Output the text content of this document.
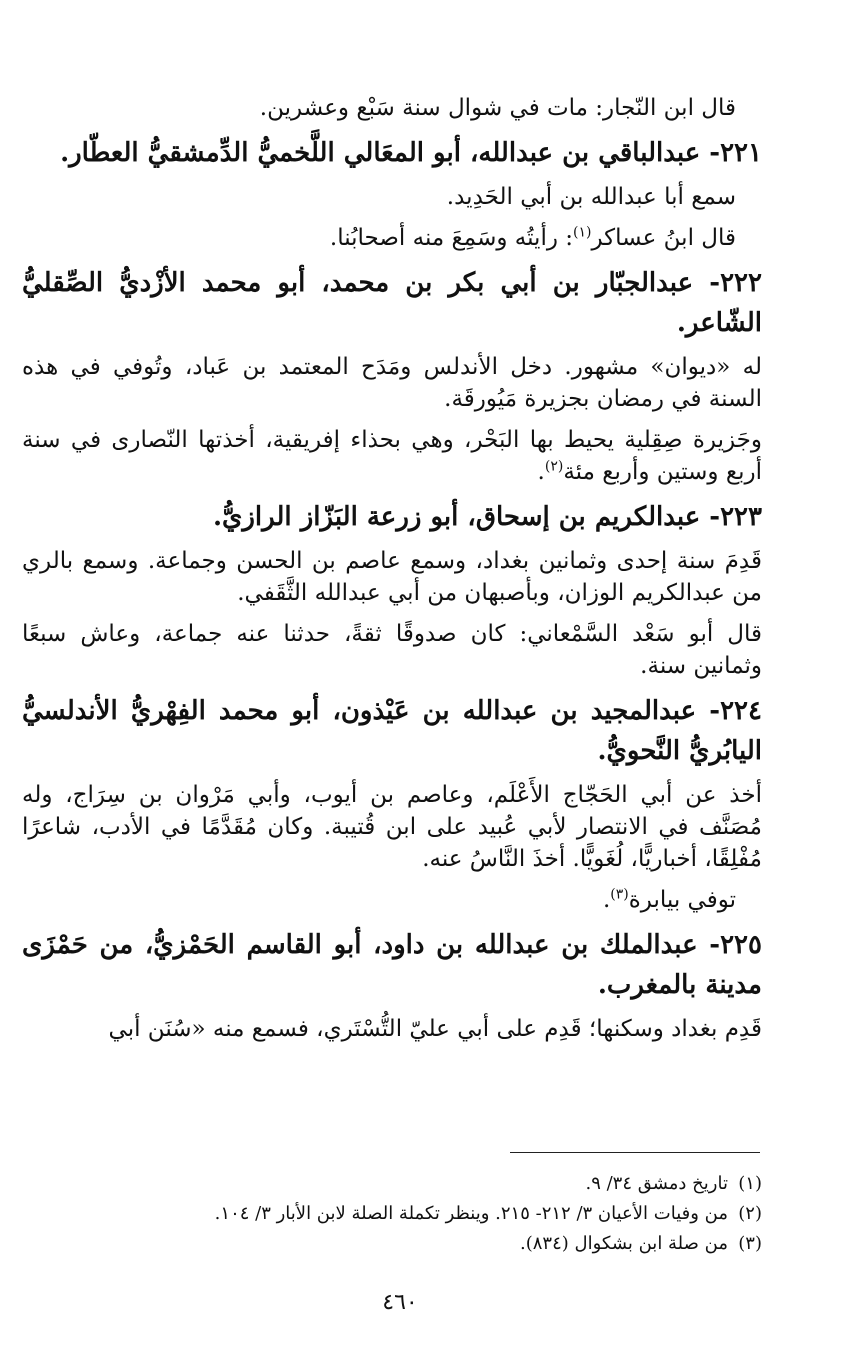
قال ابن النّجار: مات في شوال سنة سَبْع وعشرين.

٢٢١- عبدالباقي بن عبدالله، أبو المعَالي اللَّخميُّ الدِّمشقيُّ العطّار.

سمع أبا عبدالله بن أبي الحَدِيد.

قال ابنُ عساكر$^{(١)}$: رأيتُه وسَمِعَ منه أصحابُنا.

٢٢٢- عبدالجبّار بن أبي بكر بن محمد، أبو محمد الأزْديُّ الصِّقليُّ الشّاعر.

له «ديوان» مشهور. دخل الأندلس ومَدَح المعتمد بن عَباد، وتُوفي في هذه السنة في رمضان بجزيرة مَيُورقَة.

وجَزيرة صِقِلية يحيط بها البَحْر، وهي بحذاء إفريقية، أخذتها النّصارى في سنة أربع وستين وأربع مئة$^{(٢)}$.

٢٢٣- عبدالكريم بن إسحاق، أبو زرعة البَزّاز الرازيُّ.

قَدِمَ سنة إحدى وثمانين بغداد، وسمع عاصم بن الحسن وجماعة. وسمع بالري من عبدالكريم الوزان، وبأصبهان من أبي عبدالله الثَّقَفي.

قال أبو سَعْد السَّمْعاني: كان صدوقًا ثقةً، حدثنا عنه جماعة، وعاش سبعًا وثمانين سنة.

٢٢٤- عبدالمجيد بن عبدالله بن عَيْذون، أبو محمد الفِهْريُّ الأندلسيُّ اليابُريُّ النَّحويُّ.

أخذ عن أبي الحَجّاج الأَعْلَم، وعاصم بن أيوب، وأبي مَرْوان بن سِرَاج، وله مُصَنَّف في الانتصار لأبي عُبيد على ابن قُتيبة. وكان مُقَدَّمًا في الأدب، شاعرًا مُفْلِقًا، أخباريًّا، لُغَويًّا. أخذَ النَّاسُ عنه.

توفي بيابرة$^{(٣)}$.

٢٢٥- عبدالملك بن عبدالله بن داود، أبو القاسم الحَمْزيُّ، من حَمْزَى مدينة بالمغرب.

قَدِم بغداد وسكنها؛ قَدِم على أبي عليّ التُّسْتَري، فسمع منه «سُنَن أبي

(١)تاريخ دمشق ٣٤/ ٩.

(٢)من وفيات الأعيان ٣/ ٢١٢- ٢١٥. وينظر تكملة الصلة لابن الأبار ٣/ ١٠٤.

(٣)من صلة ابن بشكوال (٨٣٤).

٤٦٠
